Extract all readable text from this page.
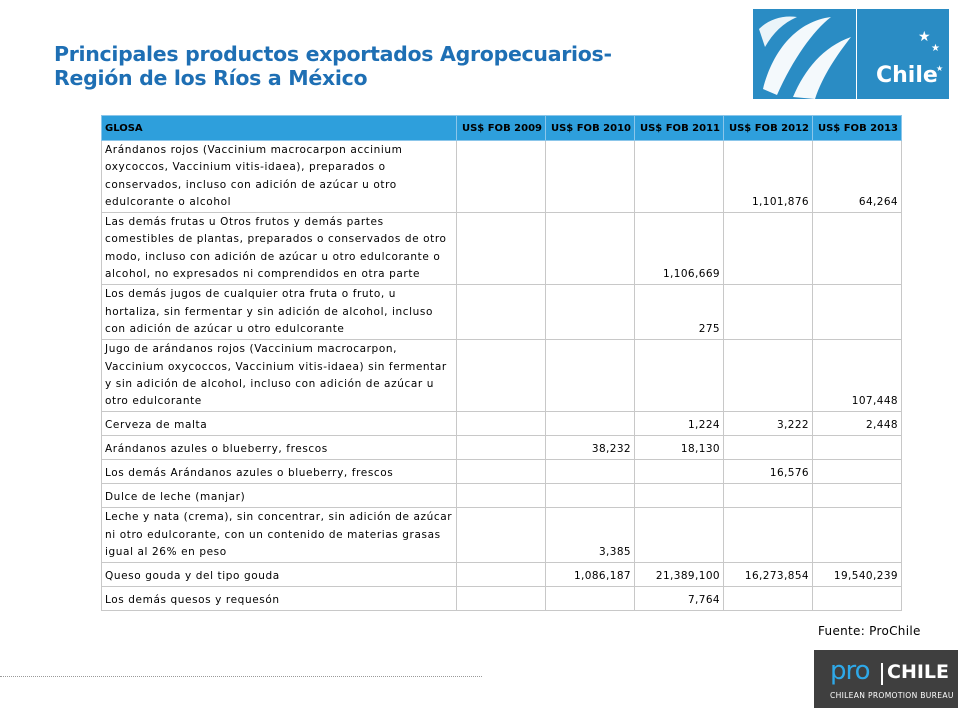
Principales productos exportados Agropecuarios-
Región de los Ríos a México
★
★
★
Chile
GLOSA	US$ FOB 2009	US$ FOB 2010	US$ FOB 2011	US$ FOB 2012	US$ FOB 2013
Arándanos rojos (Vaccinium macrocarpon accinium oxycoccos, Vaccinium vitis-idaea), preparados o conservados, incluso con adición de azúcar u otro edulcorante o alcohol				1,101,876	64,264
Las demás frutas u Otros frutos y demás partes comestibles de plantas, preparados o conservados de otro modo, incluso con adición de azúcar u otro edulcorante o alcohol, no expresados ni comprendidos en otra parte			1,106,669		
Los demás jugos de cualquier otra fruta o fruto, u hortaliza, sin fermentar y sin adición de alcohol, incluso con adición de azúcar u otro edulcorante			275		
Jugo de arándanos rojos (Vaccinium macrocarpon, Vaccinium oxycoccos, Vaccinium vitis-idaea) sin fermentar y sin adición de alcohol, incluso con adición de azúcar u otro edulcorante					107,448
Cerveza de malta			1,224	3,222	2,448
Arándanos azules o blueberry, frescos		38,232	18,130		
Los demás Arándanos azules o blueberry, frescos				16,576	
Dulce de leche (manjar)					
Leche y nata (crema), sin concentrar, sin adición de azúcar ni otro edulcorante, con un contenido de materias grasas igual al 26% en peso		3,385			
Queso gouda y del tipo gouda		1,086,187	21,389,100	16,273,854	19,540,239
Los demás quesos y requesón			7,764		
Fuente: ProChile
pro CHILE
CHILEAN PROMOTION BUREAU
